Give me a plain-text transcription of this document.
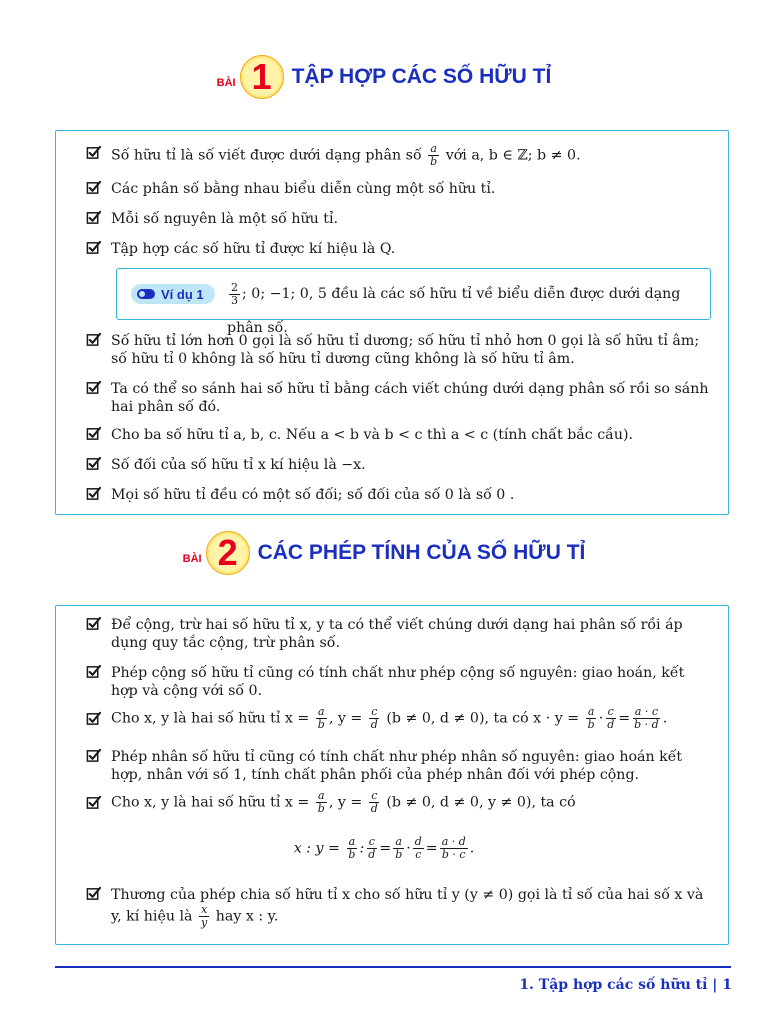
BÀI 1 TẬP HỢP CÁC SỐ HỮU TỈ
Số hữu tỉ là số viết được dưới dạng phân số $\frac{a}{b}$ với a, b ∈ ℤ; b ≠ 0.
Các phân số bằng nhau biểu diễn cùng một số hữu tỉ.
Mỗi số nguyên là một số hữu tỉ.
Tập hợp các số hữu tỉ được kí hiệu là Q.
Ví dụ $1 \frac{2}{3}$ ; 0; −1; 0, 5 đều là các số hữu tỉ về biểu diễn được dưới dạng phân số.
Số hữu tỉ lớn hơn 0 gọi là số hữu tỉ dương; số hữu tỉ nhỏ hơn 0 gọi là số hữu tỉ âm; số hữu tỉ 0 không là số hữu tỉ dương cũng không là số hữu tỉ âm.
Ta có thể so sánh hai số hữu tỉ bằng cách viết chúng dưới dạng phân số rồi so sánh hai phân số đó.
Cho ba số hữu tỉ a, b, c. Nếu a < b và b < c thì a < c (tính chất bắc cầu).
Số đối của số hữu tỉ x kí hiệu là −x.
Mọi số hữu tỉ đều có một số đối; số đối của số 0 là số 0 .
BÀI 2 CÁC PHÉP TÍNH CỦA SỐ HỮU TỈ
Để cộng, trừ hai số hữu tỉ x, y ta có thể viết chúng dưới dạng hai phân số rồi áp dụng quy tắc cộng, trừ phân số.
Phép cộng số hữu tỉ cũng có tính chất như phép cộng số nguyên: giao hoán, kết hợp và cộng với số 0.
Cho x, y là hai số hữu tỉ $x = \frac{a}{b}$ , $y = \frac{c}{d} (b \ne 0$, d ≠ 0), ta có $x \cdot y = \frac{a}{b} \cdot \frac{c}{d} = \frac{a \cdot c}{b \cdot d}$ .
Phép nhân số hữu tỉ cũng có tính chất như phép nhân số nguyên: giao hoán kết hợp, nhân với số 1, tính chất phân phối của phép nhân đối với phép cộng.
Cho x, y là hai số hữu tỉ $x = \frac{a}{b}$ , $y = \frac{c}{d} (b \ne 0$, d ≠ 0, y ≠ 0), ta có
x : $y = \frac{a}{b}$ : $\frac{c}{d} = \frac{a}{b} \cdot \frac{d}{c} = \frac{a \cdot d}{b \cdot c}$ .
Thương của phép chia số hữu tỉ x cho số hữu tỉ y (y ≠ 0) gọi là tỉ số của hai số x và y, kí hiệu là $\frac{x}{y}$ hay x : y.
1. Tập hợp các số hữu tỉ | 1
